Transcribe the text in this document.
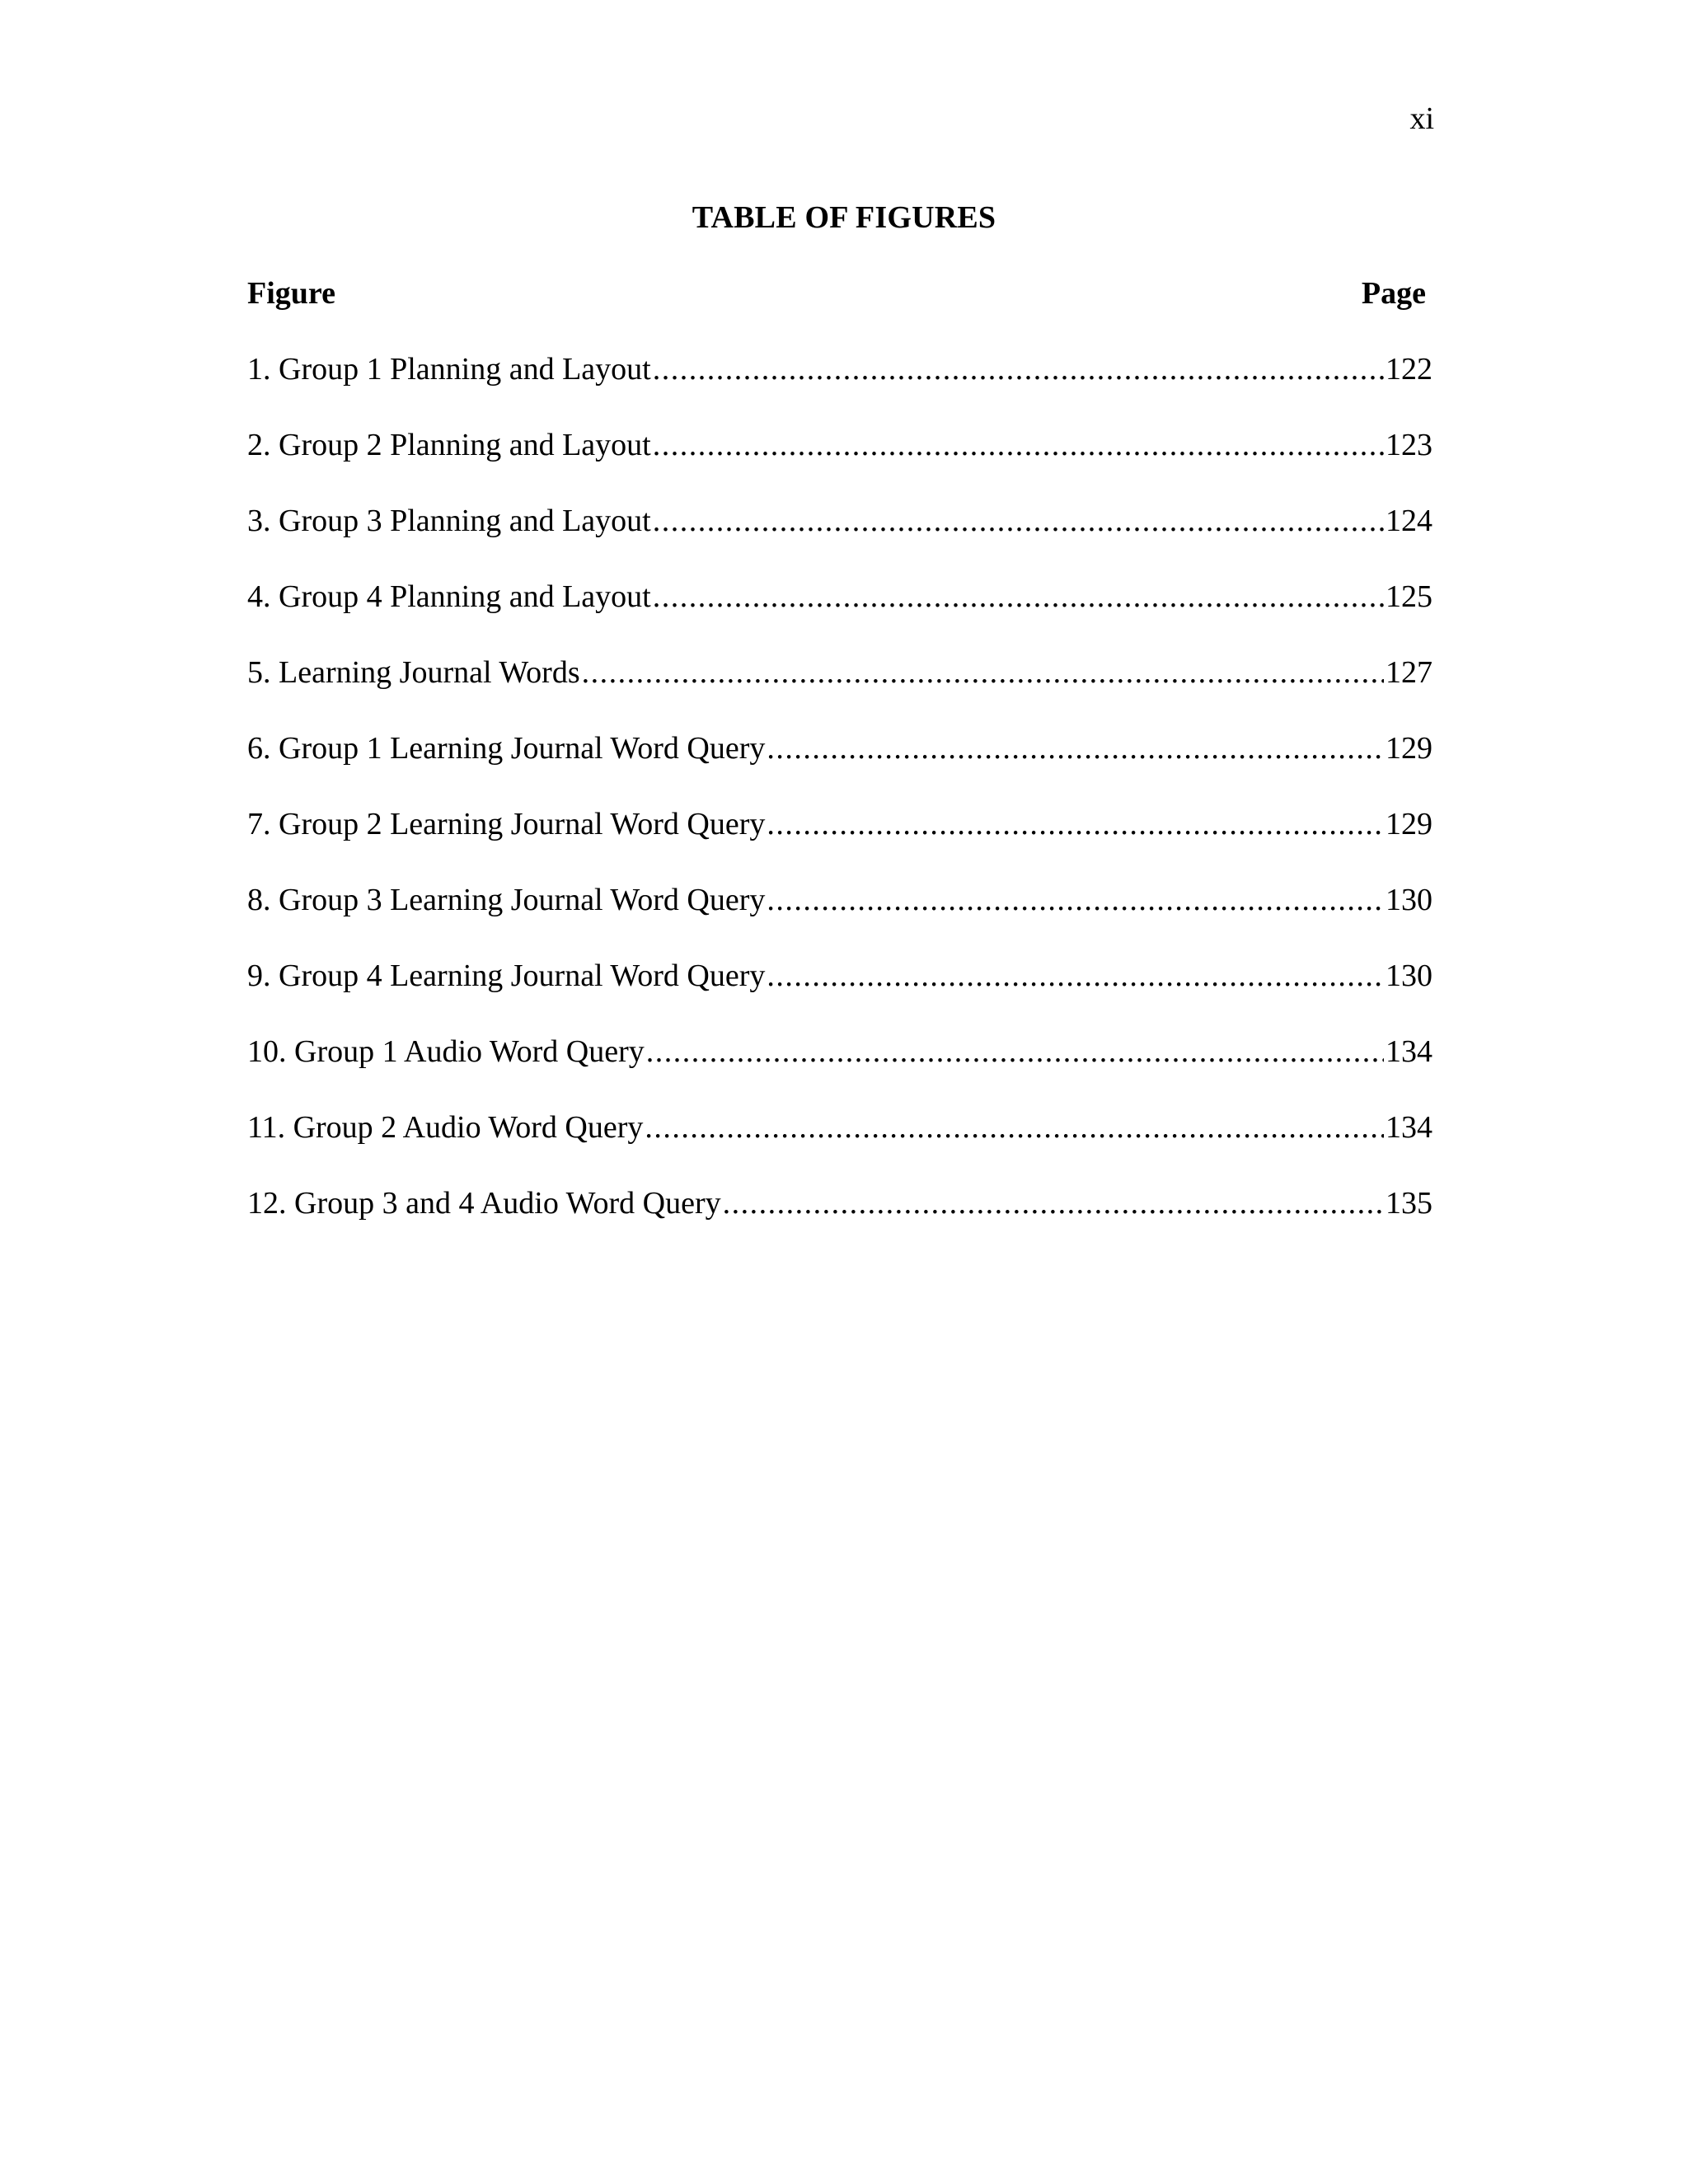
xi
TABLE OF FIGURES
Figure	Page
1. Group 1 Planning and Layout .....	122
2. Group 2 Planning and Layout .....	123
3. Group 3 Planning and Layout .....	124
4. Group 4 Planning and Layout .....	125
5. Learning Journal Words .....	127
6. Group 1 Learning Journal Word Query .....	129
7. Group 2 Learning Journal Word Query .....	129
8. Group 3 Learning Journal Word Query .....	130
9. Group 4 Learning Journal Word Query .....	130
10. Group 1 Audio Word Query .....	134
11. Group 2 Audio Word Query .....	134
12. Group 3 and 4 Audio Word Query .....	135
